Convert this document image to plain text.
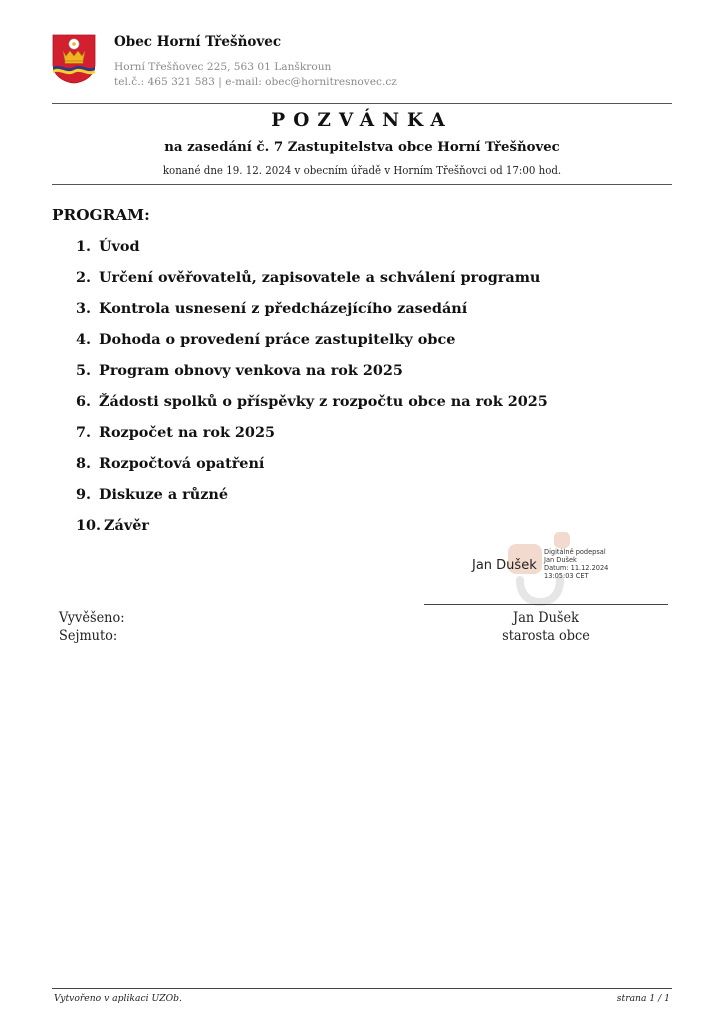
Obec Horní Třešňovec
Horní Třešňovec 225, 563 01 Lanškroun
tel.č.: 465 321 583 | e-mail: obec@hornitresnovec.cz
POZVÁNKA
na zasedání č. 7 Zastupitelstva obce Horní Třešňovec
konané dne 19. 12. 2024 v obecním úřadě v Horním Třešňovci od 17:00 hod.
PROGRAM:
1. Úvod
2. Určení ověřovatelů, zapisovatele a schválení programu
3. Kontrola usnesení z předcházejícího zasedání
4. Dohoda o provedení práce zastupitelky obce
5. Program obnovy venkova na rok 2025
6. Žádosti spolků o příspěvky z rozpočtu obce na rok 2025
7. Rozpočet na rok 2025
8. Rozpočtová opatření
9. Diskuze a různé
10. Závěr
Jan Dušek
Digitálně podepsal
Jan Dušek
Datum: 11.12.2024
13:05:03 CET
Jan Dušek
starosta obce
Vyvěšeno:
Sejmuto:
Vytvořeno v aplikaci UZOb.	strana 1 / 1
